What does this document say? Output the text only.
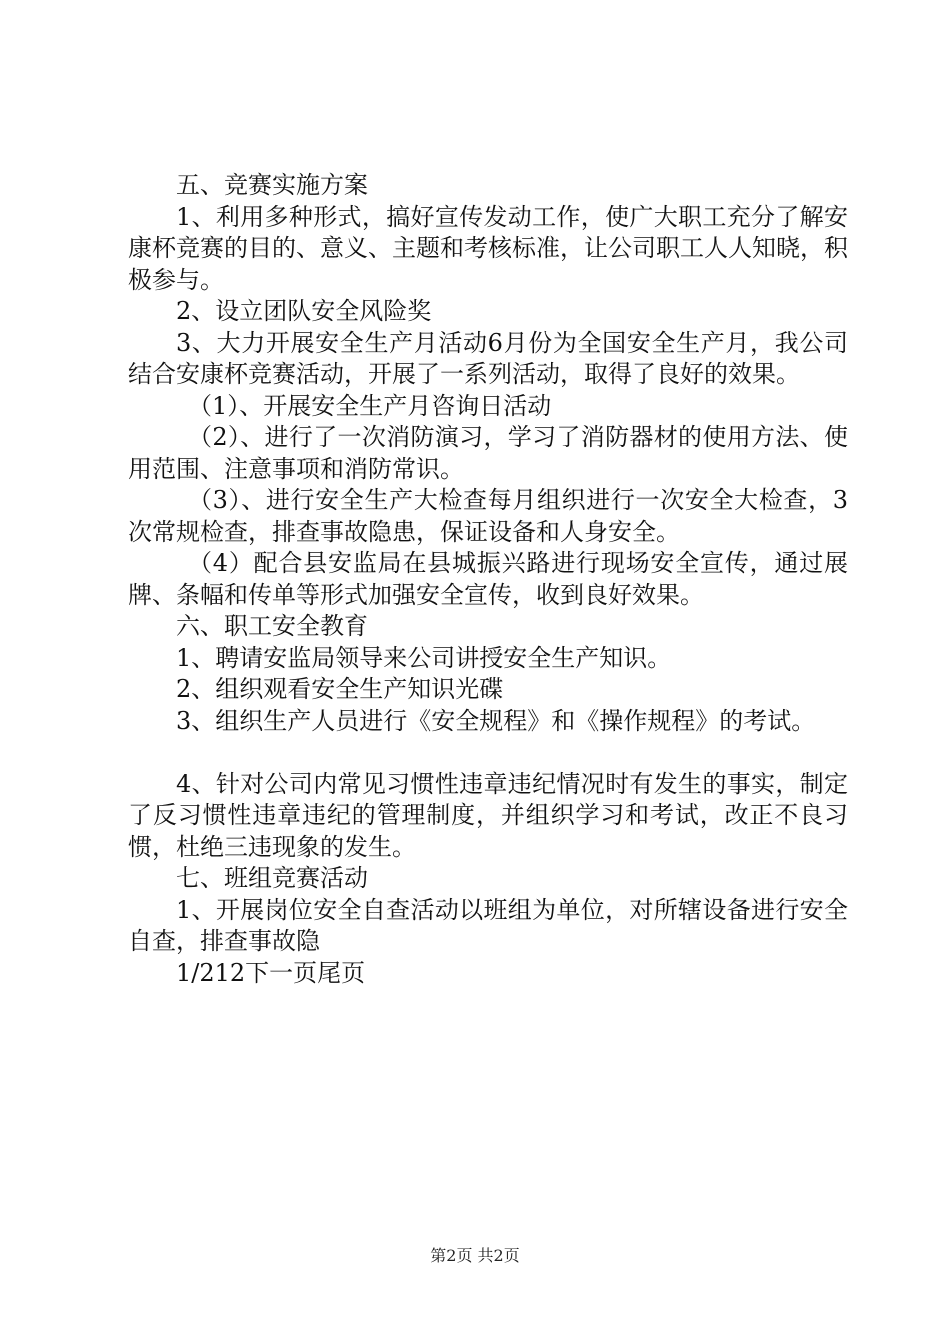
五、竞赛实施方案

1、利用多种形式，搞好宣传发动工作，使广大职工充分了解安康杯竞赛的目的、意义、主题和考核标准，让公司职工人人知晓，积极参与。

2、设立团队安全风险奖

3、大力开展安全生产月活动6月份为全国安全生产月，我公司结合安康杯竞赛活动，开展了一系列活动，取得了良好的效果。

（1）、开展安全生产月咨询日活动

（2）、进行了一次消防演习，学习了消防器材的使用方法、使用范围、注意事项和消防常识。

（3）、进行安全生产大检查每月组织进行一次安全大检查，3次常规检查，排查事故隐患，保证设备和人身安全。

（4）配合县安监局在县城振兴路进行现场安全宣传，通过展牌、条幅和传单等形式加强安全宣传，收到良好效果。

六、职工安全教育

1、聘请安监局领导来公司讲授安全生产知识。

2、组织观看安全生产知识光碟

3、组织生产人员进行《安全规程》和《操作规程》的考试。

4、针对公司内常见习惯性违章违纪情况时有发生的事实，制定了反习惯性违章违纪的管理制度，并组织学习和考试，改正不良习惯，杜绝三违现象的发生。

七、班组竞赛活动

1、开展岗位安全自查活动以班组为单位，对所辖设备进行安全自查，排查事故隐

1/212下一页尾页

第2页 共2页
